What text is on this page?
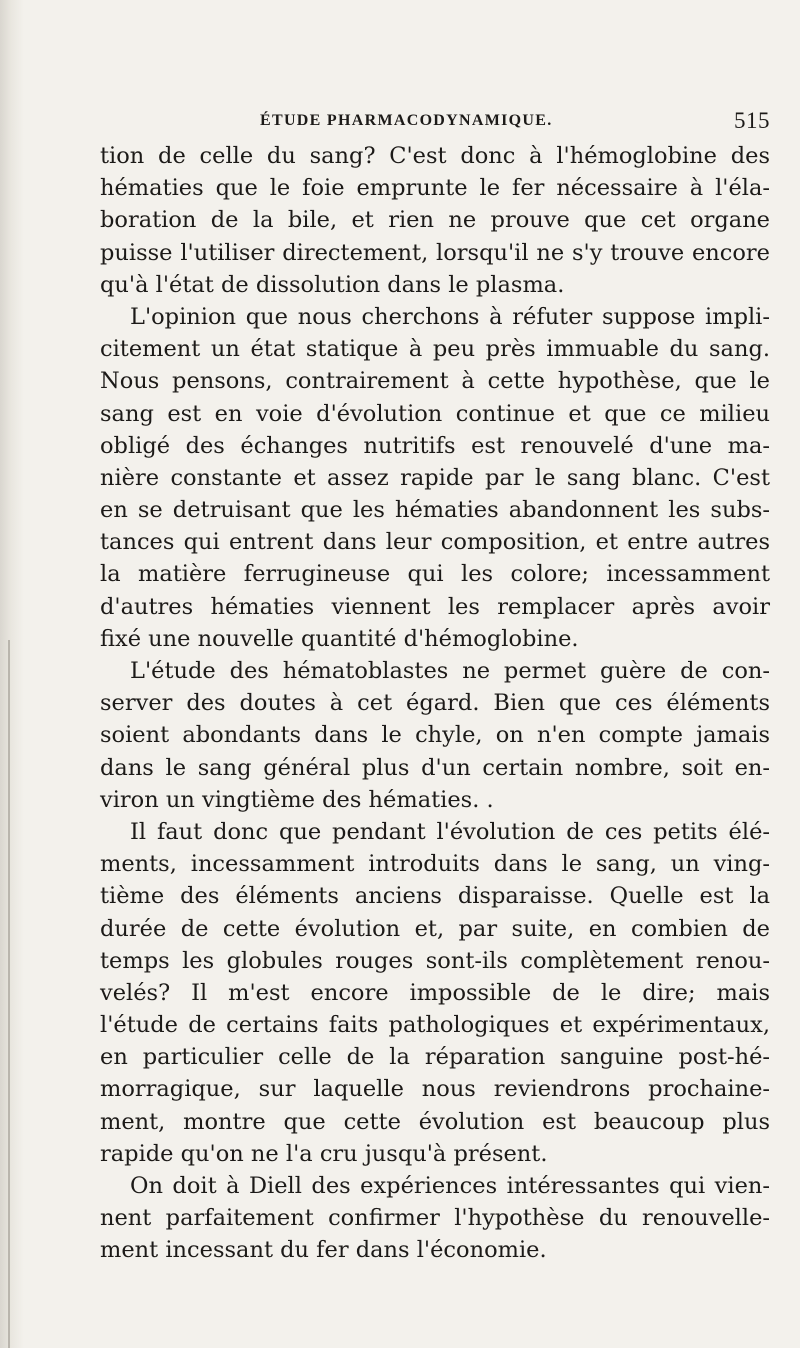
ÉTUDE PHARMACODYNAMIQUE.	515
tion de celle du sang? C'est donc à l'hémoglobine des
hématies que le foie emprunte le fer nécessaire à l'éla-
boration de la bile, et rien ne prouve que cet organe
puisse l'utiliser directement, lorsqu'il ne s'y trouve encore
qu'à l'état de dissolution dans le plasma.
L'opinion que nous cherchons à réfuter suppose impli-
citement un état statique à peu près immuable du sang.
Nous pensons, contrairement à cette hypothèse, que le
sang est en voie d'évolution continue et que ce milieu
obligé des échanges nutritifs est renouvelé d'une ma-
nière constante et assez rapide par le sang blanc. C'est
en se detruisant que les hématies abandonnent les subs-
tances qui entrent dans leur composition, et entre autres
la matière ferrugineuse qui les colore; incessamment
d'autres hématies viennent les remplacer après avoir
fixé une nouvelle quantité d'hémoglobine.
L'étude des hématoblastes ne permet guère de con-
server des doutes à cet égard. Bien que ces éléments
soient abondants dans le chyle, on n'en compte jamais
dans le sang général plus d'un certain nombre, soit en-
viron un vingtième des hématies. .
Il faut donc que pendant l'évolution de ces petits élé-
ments, incessamment introduits dans le sang, un ving-
tième des éléments anciens disparaisse. Quelle est la
durée de cette évolution et, par suite, en combien de
temps les globules rouges sont-ils complètement renou-
velés? Il m'est encore impossible de le dire; mais
l'étude de certains faits pathologiques et expérimentaux,
en particulier celle de la réparation sanguine post-hé-
morragique, sur laquelle nous reviendrons prochaine-
ment, montre que cette évolution est beaucoup plus
rapide qu'on ne l'a cru jusqu'à présent.
On doit à Diell des expériences intéressantes qui vien-
nent parfaitement confirmer l'hypothèse du renouvelle-
ment incessant du fer dans l'économie.
